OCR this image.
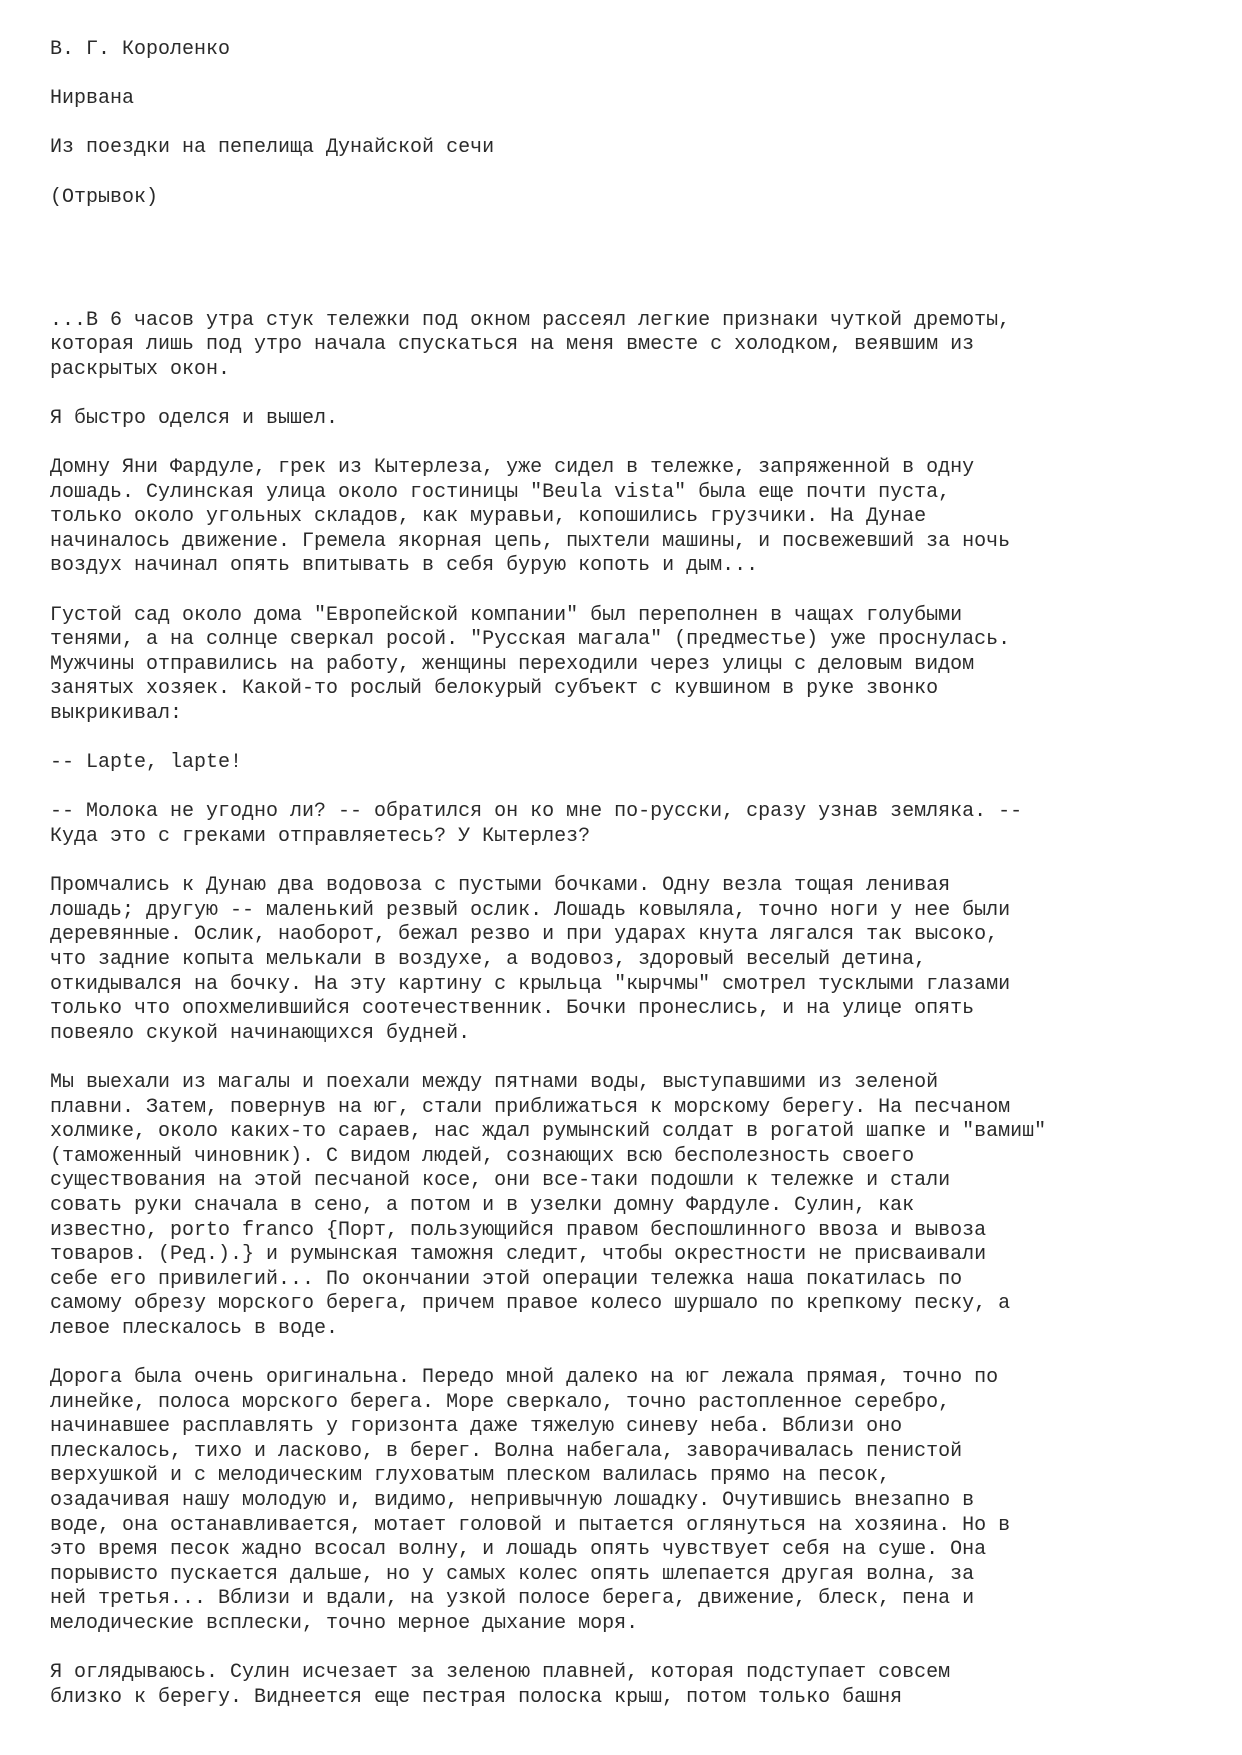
В. Г. Короленко
Нирвана
Из поездки на пепелища Дунайской сечи
(Отрывок)
...В 6 часов утра стук тележки под окном рассеял легкие признаки чуткой дремоты,
которая лишь под утро начала спускаться на меня вместе с холодком, веявшим из
раскрытых окон.
Я быстро оделся и вышел.
Домну Яни Фардуле, грек из Кытерлеза, уже сидел в тележке, запряженной в одну
лошадь. Сулинская улица около гостиницы "Beula vista" была еще почти пуста,
только около угольных складов, как муравьи, копошились грузчики. На Дунае
начиналось движение. Гремела якорная цепь, пыхтели машины, и посвежевший за ночь
воздух начинал опять впитывать в себя бурую копоть и дым...
Густой сад около дома "Европейской компании" был переполнен в чащах голубыми
тенями, а на солнце сверкал росой. "Русская магала" (предместье) уже проснулась.
Мужчины отправились на работу, женщины переходили через улицы с деловым видом
занятых хозяек. Какой-то рослый белокурый субъект с кувшином в руке звонко
выкрикивал:
-- Lapte, lapte!
-- Молока не угодно ли? -- обратился он ко мне по-русски, сразу узнав земляка. --
Куда это с греками отправляетесь? У Кытерлез?
Промчались к Дунаю два водовоза с пустыми бочками. Одну везла тощая ленивая
лошадь; другую -- маленький резвый ослик. Лошадь ковыляла, точно ноги у нее были
деревянные. Ослик, наоборот, бежал резво и при ударах кнута лягался так высоко,
что задние копыта мелькали в воздухе, а водовоз, здоровый веселый детина,
откидывался на бочку. На эту картину с крыльца "кырчмы" смотрел тусклыми глазами
только что опохмелившийся соотечественник. Бочки пронеслись, и на улице опять
повеяло скукой начинающихся будней.
Мы выехали из магалы и поехали между пятнами воды, выступавшими из зеленой
плавни. Затем, повернув на юг, стали приближаться к морскому берегу. На песчаном
холмике, около каких-то сараев, нас ждал румынский солдат в рогатой шапке и "вамиш"
(таможенный чиновник). С видом людей, сознающих всю бесполезность своего
существования на этой песчаной косе, они все-таки подошли к тележке и стали
совать руки сначала в сено, а потом и в узелки домну Фардуле. Сулин, как
известно, porto franco {Порт, пользующийся правом беспошлинного ввоза и вывоза
товаров. (Ред.).} и румынская таможня следит, чтобы окрестности не присваивали
себе его привилегий... По окончании этой операции тележка наша покатилась по
самому обрезу морского берега, причем правое колесо шуршало по крепкому песку, а
левое плескалось в воде.
Дорога была очень оригинальна. Передо мной далеко на юг лежала прямая, точно по
линейке, полоса морского берега. Море сверкало, точно растопленное серебро,
начинавшее расплавлять у горизонта даже тяжелую синеву неба. Вблизи оно
плескалось, тихо и ласково, в берег. Волна набегала, заворачивалась пенистой
верхушкой и с мелодическим глуховатым плеском валилась прямо на песок,
озадачивая нашу молодую и, видимо, непривычную лошадку. Очутившись внезапно в
воде, она останавливается, мотает головой и пытается оглянуться на хозяина. Но в
это время песок жадно всосал волну, и лошадь опять чувствует себя на суше. Она
порывисто пускается дальше, но у самых колес опять шлепается другая волна, за
ней третья... Вблизи и вдали, на узкой полосе берега, движение, блеск, пена и
мелодические всплески, точно мерное дыхание моря.
Я оглядываюсь. Сулин исчезает за зеленою плавней, которая подступает совсем
близко к берегу. Виднеется еще пестрая полоска крыш, потом только башня
